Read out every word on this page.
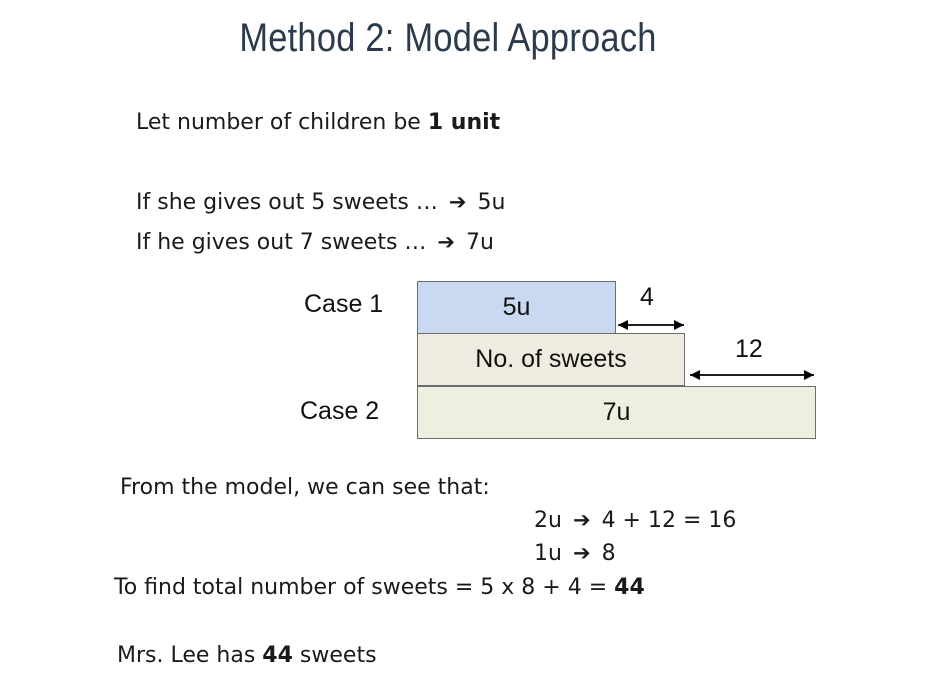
Method 2: Model Approach
Let number of children be 1 unit
If she gives out 5 sweets … ➔ 5u
If he gives out 7 sweets … ➔ 7u
Case 1
Case 2
5u
No. of sweets
7u
4
12
From the model, we can see that:
2u ➔ 4 + 12 = 16
1u ➔ 8
To find total number of sweets = 5 x 8 + 4 = 44
Mrs. Lee has 44 sweets
